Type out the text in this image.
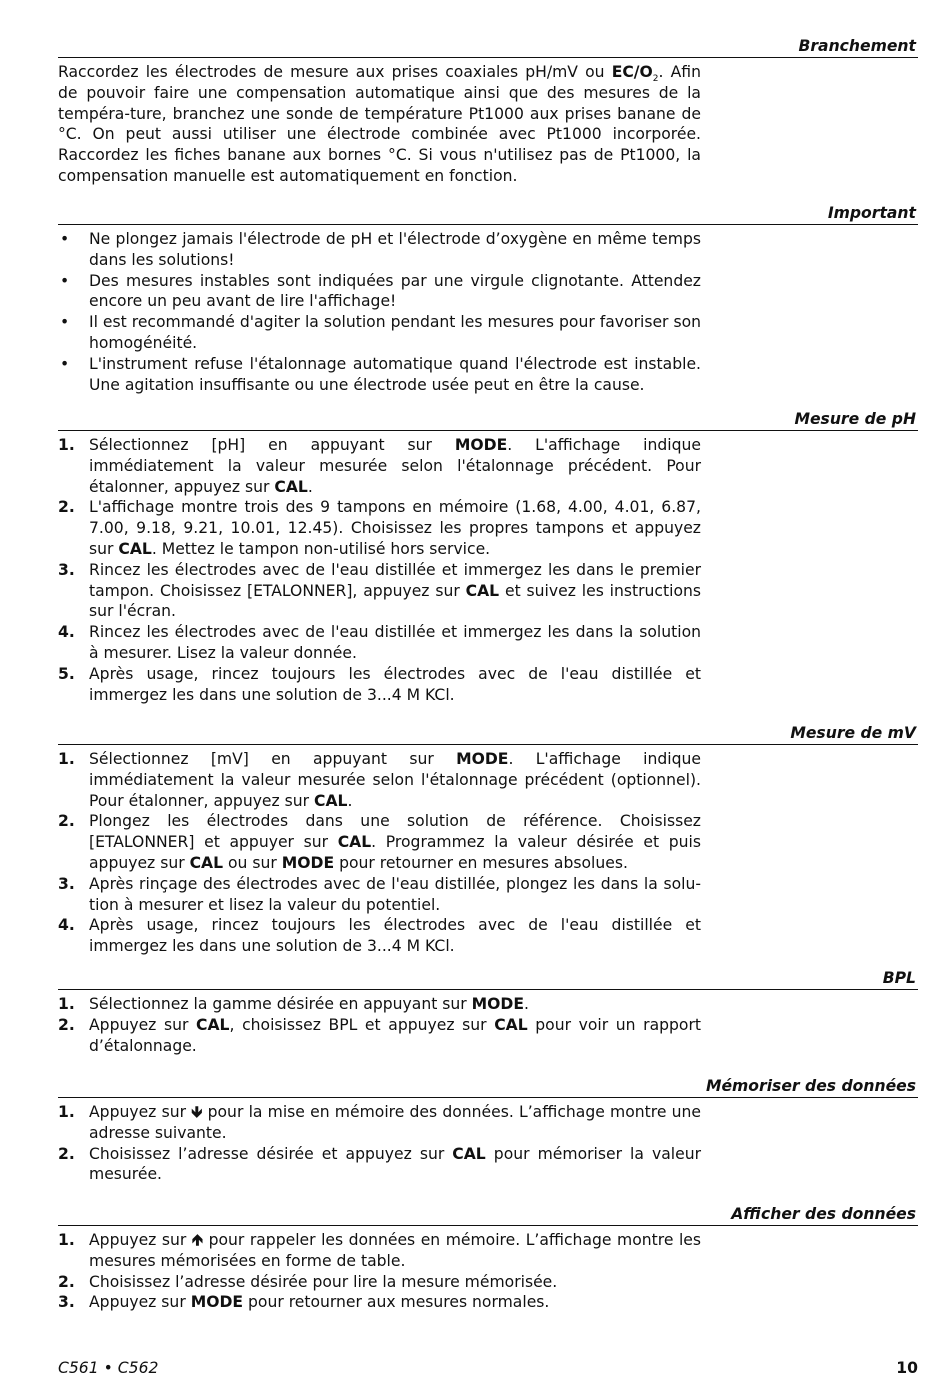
Branchement
Raccordez les électrodes de mesure aux prises coaxiales pH/mV ou $EC/O_2$. Afin de pouvoir faire une compensation automatique ainsi que des mesures de la tempéra-ture, branchez une sonde de température Pt1000 aux prises banane de °C. On peut aussi utiliser une électrode combinée avec Pt1000 incorporée. Raccordez les fiches banane aux bornes °C. Si vous n'utilisez pas de Pt1000, la compensation manuelle est automatiquement en fonction.
Important
• Ne plongez jamais l'électrode de pH et l'électrode d’oxygène en même temps dans les solutions!
• Des mesures instables sont indiquées par une virgule clignotante. Attendez encore un peu avant de lire l'affichage!
• Il est recommandé d'agiter la solution pendant les mesures pour favoriser son homogénéité.
• L'instrument refuse l'étalonnage automatique quand l'électrode est instable. Une agitation insuffisante ou une électrode usée peut en être la cause.
Mesure de pH
1. Sélectionnez [pH] en appuyant sur MODE. L'affichage indique immédiatement la valeur mesurée selon l'étalonnage précédent. Pour étalonner, appuyez sur CAL.
2. L'affichage montre trois des 9 tampons en mémoire (1.68, 4.00, 4.01, 6.87, 7.00, 9.18, 9.21, 10.01, 12.45). Choisissez les propres tampons et appuyez sur CAL. Mettez le tampon non-utilisé hors service.
3. Rincez les électrodes avec de l'eau distillée et immergez les dans le premier tampon. Choisissez [ETALONNER], appuyez sur CAL et suivez les instructions sur l'écran.
4. Rincez les électrodes avec de l'eau distillée et immergez les dans la solution à mesurer. Lisez la valeur donnée.
5. Après usage, rincez toujours les électrodes avec de l'eau distillée et immergez les dans une solution de 3...4 M KCl.
Mesure de mV
1. Sélectionnez [mV] en appuyant sur MODE. L'affichage indique immédiatement la valeur mesurée selon l'étalonnage précédent (optionnel). Pour étalonner, appuyez sur CAL.
2. Plongez les électrodes dans une solution de référence. Choisissez [ETALONNER] et appuyer sur CAL. Programmez la valeur désirée et puis appuyez sur CAL ou sur MODE pour retourner en mesures absolues.
3. Après rinçage des électrodes avec de l'eau distillée, plongez les dans la solu-tion à mesurer et lisez la valeur du potentiel.
4. Après usage, rincez toujours les électrodes avec de l'eau distillée et immergez les dans une solution de 3...4 M KCl.
BPL
1. Sélectionnez la gamme désirée en appuyant sur MODE.
2. Appuyez sur CAL, choisissez BPL et appuyez sur CAL pour voir un rapport d’étalonnage.
Mémoriser des données
1. Appuyez sur 🡻 pour la mise en mémoire des données. L’affichage montre une adresse suivante.
2. Choisissez l’adresse désirée et appuyez sur CAL pour mémoriser la valeur mesurée.
Afficher des données
1. Appuyez sur 🡹 pour rappeler les données en mémoire. L’affichage montre les mesures mémorisées en forme de table.
2. Choisissez l’adresse désirée pour lire la mesure mémorisée.
3. Appuyez sur MODE pour retourner aux mesures normales.
C561 • C562	10
